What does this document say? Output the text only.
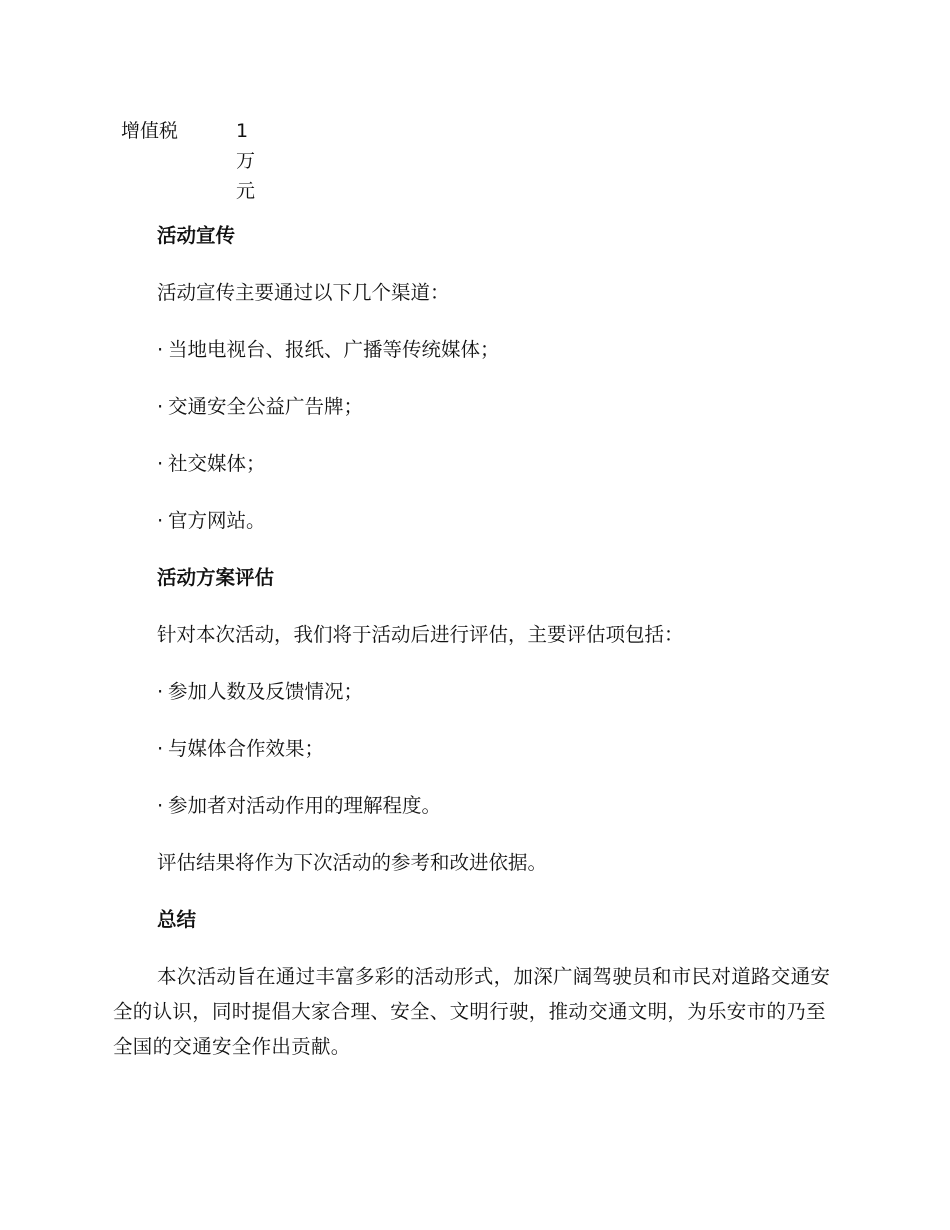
增值税	1
万
元
活动宣传
活动宣传主要通过以下几个渠道：
· 当地电视台、报纸、广播等传统媒体；
· 交通安全公益广告牌；
· 社交媒体；
· 官方网站。
活动方案评估
针对本次活动，我们将于活动后进行评估，主要评估项包括：
· 参加人数及反馈情况；
· 与媒体合作效果；
· 参加者对活动作用的理解程度。
评估结果将作为下次活动的参考和改进依据。
总结
本次活动旨在通过丰富多彩的活动形式，加深广阔驾驶员和市民对道路交通安全的认识，同时提倡大家合理、安全、文明行驶，推动交通文明，为乐安市的乃至全国的交通安全作出贡献。
